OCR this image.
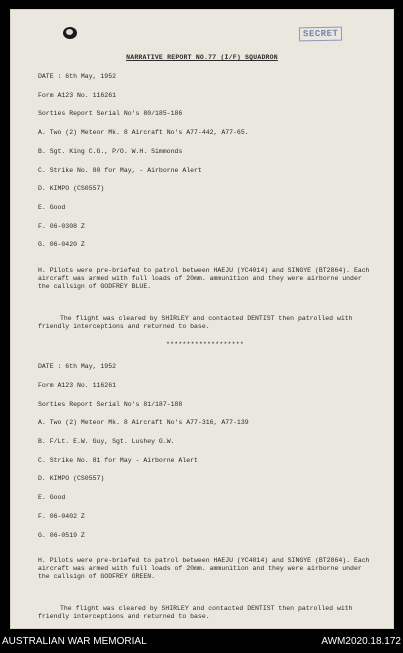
SECRET
NARRATIVE REPORT NO.77 (I/F) SQUADRON

DATE : 6th May, 1952

Form A123 No. 116261

Sorties Report Serial No's 80/185-186

A. Two (2) Meteor Mk. 8 Aircraft No's A77-442, A77-65.

B. Sgt. King C.G., P/O. W.H. Simmonds

C. Strike No. 80 for May, - Airborne Alert

D. KIMPO (CS0557)

E. Good

F. 06-0308 Z

G. 06-0420 Z

H. Pilots were pre-briefed to patrol between HAEJU (YC4014) and SINGYE (BT2864). Each aircraft was armed with full loads of 20mm. ammunition and they were airborne under the callsign of GODFREY BLUE.

The flight was cleared by SHIRLEY and contacted DENTIST then patrolled with friendly interceptions and returned to base.

*******************

DATE : 6th May, 1952

Form A123 No. 116261

Sorties Report Serial No's 81/187-188

A. Two (2) Meteor Mk. 8 Aircraft No's A77-316, A77-139

B. F/Lt. E.W. Guy, Sgt. Lushey G.W.

C. Strike No. 81 for May - Airborne Alert

D. KIMPO (CS0557)

E. Good

F. 06-0402 Z

G. 06-0519 Z

H. Pilots were pre-briefed to patrol between HAEJU (YC4014) and SINGYE (BT2864). Each aircraft was armed with full loads of 20mm. ammunition and they were airborne under the callsign of GODFREY GREEN.

The flight was cleared by SHIRLEY and contacted DENTIST then patrolled with friendly interceptions and returned to base.

AUSTRALIAN WAR MEMORIAL	AWM2020.18.172
